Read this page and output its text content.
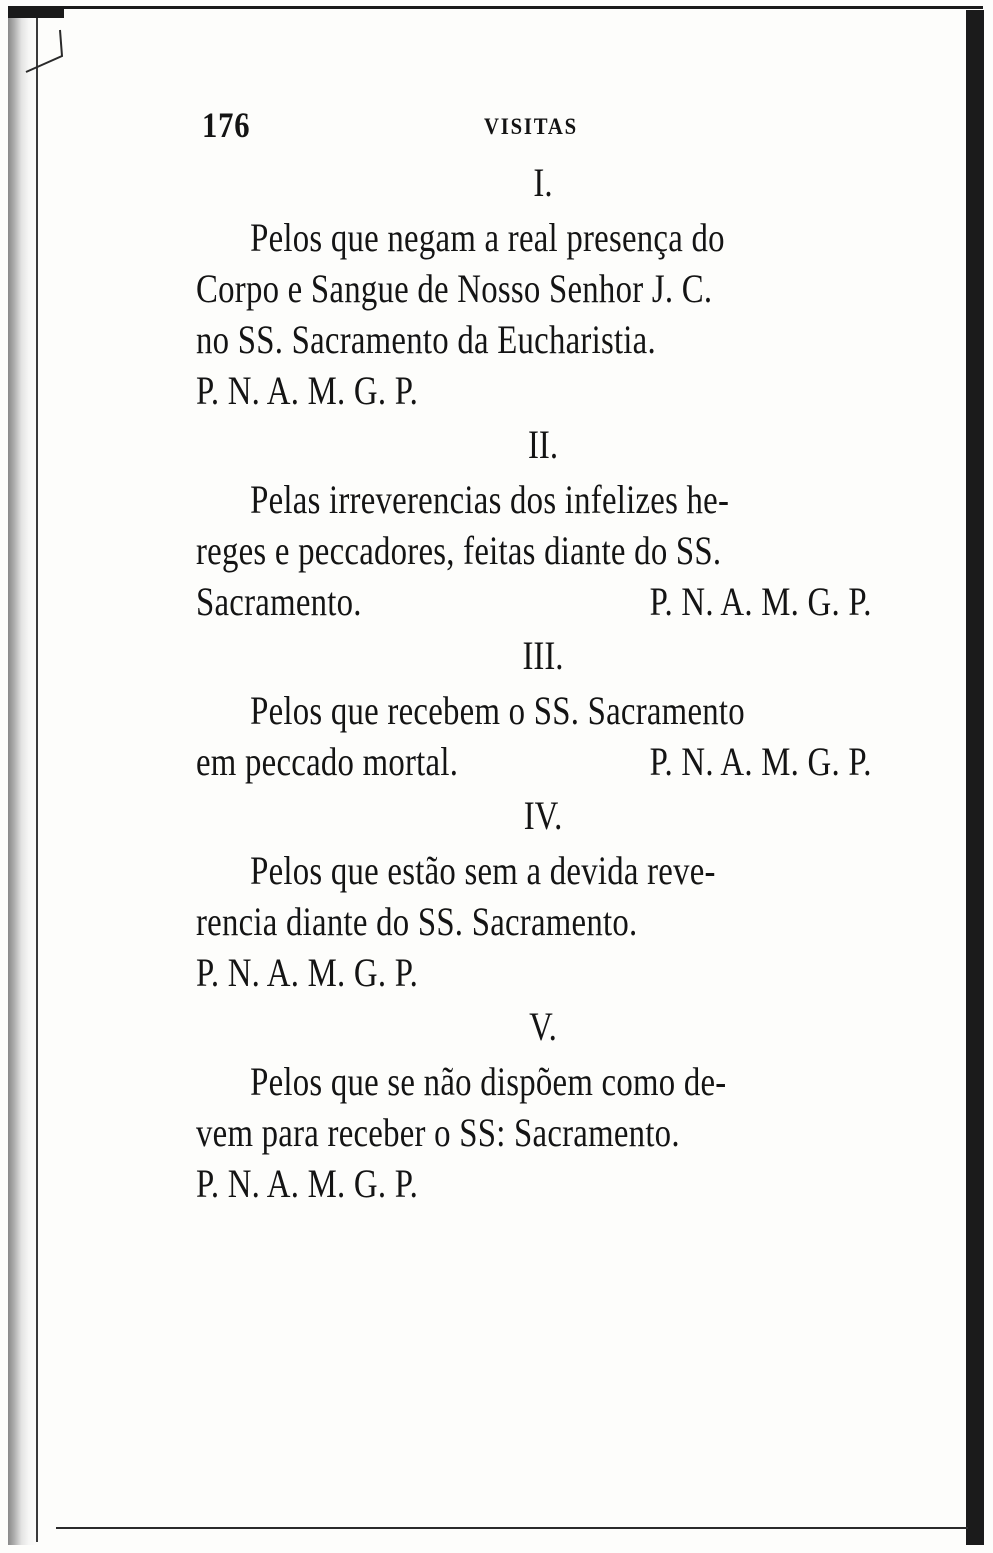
176	VISITAS
I.
Pelos que negam a real presença do
Corpo e Sangue de Nosso Senhor J. C.
no SS. Sacramento da Eucharistia.
P. N. A. M. G. P.
II.
Pelas irreverencias dos infelizes he-
reges e peccadores, feitas diante do SS.
Sacramento.	P. N. A. M. G. P.
III.
Pelos que recebem o SS. Sacramento
em peccado mortal.	P. N. A. M. G. P.
IV.
Pelos que estão sem a devida reve-
rencia diante do SS. Sacramento.
P. N. A. M. G. P.
V.
Pelos que se não dispõem como de-
vem para receber o SS: Sacramento.
P. N. A. M. G. P.
